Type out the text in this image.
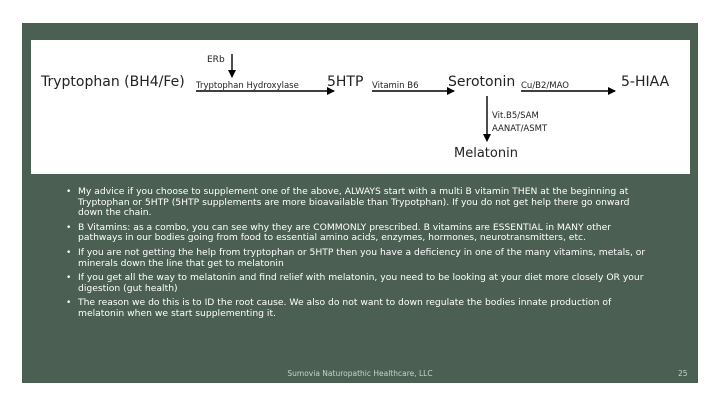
ERb
Tryptophan (BH4/Fe) Tryptophan Hydroxylase 5HTP Vitamin B6 Serotonin Cu/B2/MAO	5-HIAA
Vit.B5/SAM
AANAT/ASMT
Melatonin
• My advice if you choose to supplement one of the above, ALWAYS start with a multi B vitamin THEN at the beginning at Tryptophan or 5HTP (5HTP supplements are more bioavailable than Trypotphan). If you do not get help there go onward down the chain.
• B Vitamins: as a combo, you can see why they are COMMONLY prescribed. B vitamins are ESSENTIAL in MANY other pathways in our bodies going from food to essential amino acids, enzymes, hormones, neurotransmitters, etc.
• If you are not getting the help from tryptophan or 5HTP then you have a deficiency in one of the many vitamins, metals, or minerals down the line that get to melatonin
• If you get all the way to melatonin and find relief with melatonin, you need to be looking at your diet more closely OR your digestion (gut health)
• The reason we do this is to ID the root cause. We also do not want to down regulate the bodies innate production of melatonin when we start supplementing it.
Sumovia Naturopathic Healthcare, LLC	25
